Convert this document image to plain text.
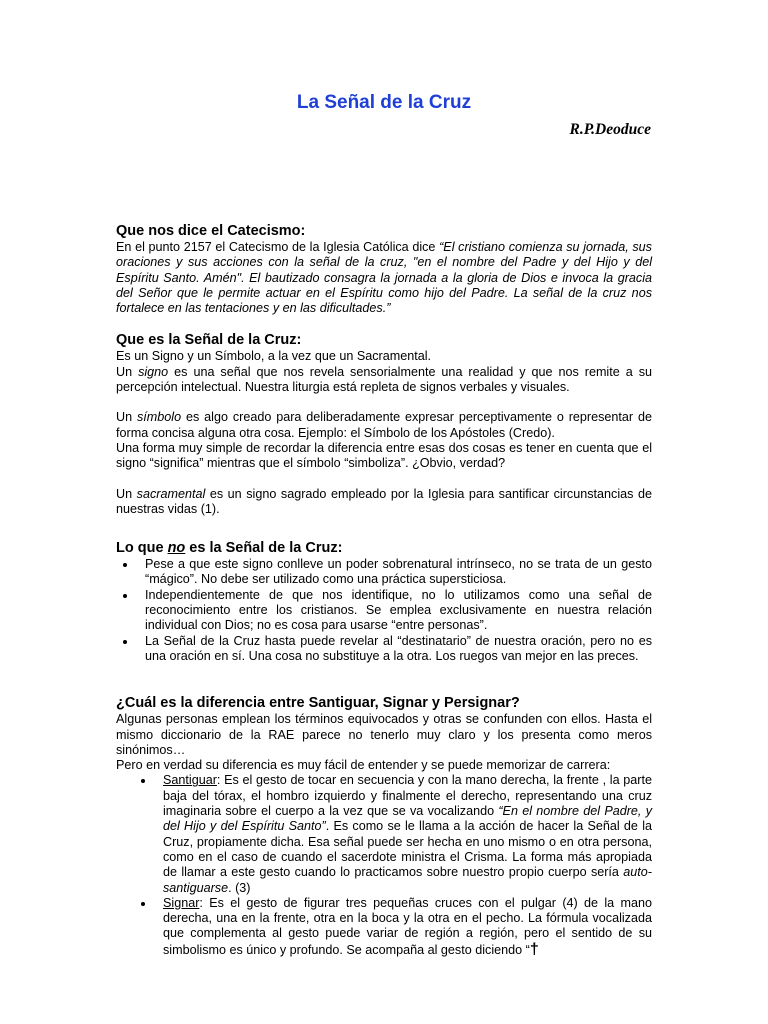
La Señal de la Cruz
R.P.Deoduce
Que nos dice el Catecismo:

En el punto 2157 el Catecismo de la Iglesia Católica dice “El cristiano comienza su jornada, sus oraciones y sus acciones con la señal de la cruz, "en el nombre del Padre y del Hijo y del Espíritu Santo. Amén". El bautizado consagra la jornada a la gloria de Dios e invoca la gracia del Señor que le permite actuar en el Espíritu como hijo del Padre. La señal de la cruz nos fortalece en las tentaciones y en las dificultades.”

Que es la Señal de la Cruz:

Es un Signo y un Símbolo, a la vez que un Sacramental.

Un signo es una señal que nos revela sensorialmente una realidad y que nos remite a su percepción intelectual. Nuestra liturgia está repleta de signos verbales y visuales.

Un símbolo es algo creado para deliberadamente expresar perceptivamente o representar de forma concisa alguna otra cosa. Ejemplo: el Símbolo de los Apóstoles (Credo).

Una forma muy simple de recordar la diferencia entre esas dos cosas es tener en cuenta que el signo “significa” mientras que el símbolo “simboliza”. ¿Obvio, verdad?

Un sacramental es un signo sagrado empleado por la Iglesia para santificar circunstancias de nuestras vidas (1).

Lo que no es la Señal de la Cruz:
Pese a que este signo conlleve un poder sobrenatural intrínseco, no se trata de un gesto “mágico”. No debe ser utilizado como una práctica supersticiosa.
Independientemente de que nos identifique, no lo utilizamos como una señal de reconocimiento entre los cristianos. Se emplea exclusivamente en nuestra relación individual con Dios; no es cosa para usarse “entre personas”.
La Señal de la Cruz hasta puede revelar al “destinatario” de nuestra oración, pero no es una oración en sí. Una cosa no substituye a la otra. Los ruegos van mejor en las preces.
¿Cuál es la diferencia entre Santiguar, Signar y Persignar?

Algunas personas emplean los términos equivocados y otras se confunden con ellos. Hasta el mismo diccionario de la RAE parece no tenerlo muy claro y los presenta como meros sinónimos…

Pero en verdad su diferencia es muy fácil de entender y se puede memorizar de carrera:

Santiguar: Es el gesto de tocar en secuencia y con la mano derecha, la frente , la parte baja del tórax, el hombro izquierdo y finalmente el derecho, representando una cruz imaginaria sobre el cuerpo a la vez que se va vocalizando “En el nombre del Padre, y del Hijo y del Espíritu Santo”. Es como se le llama a la acción de hacer la Señal de la Cruz, propiamente dicha. Esa señal puede ser hecha en uno mismo o en otra persona, como en el caso de cuando el sacerdote ministra el Crisma. La forma más apropiada de llamar a este gesto cuando lo practicamos sobre nuestro propio cuerpo sería auto-santiguarse. (3)
Signar: Es el gesto de figurar tres pequeñas cruces con el pulgar (4) de la mano derecha, una en la frente, otra en la boca y la otra en el pecho. La fórmula vocalizada que complementa al gesto puede variar de región a región, pero el sentido de su simbolismo es único y profundo. Se acompaña al gesto diciendo “†
